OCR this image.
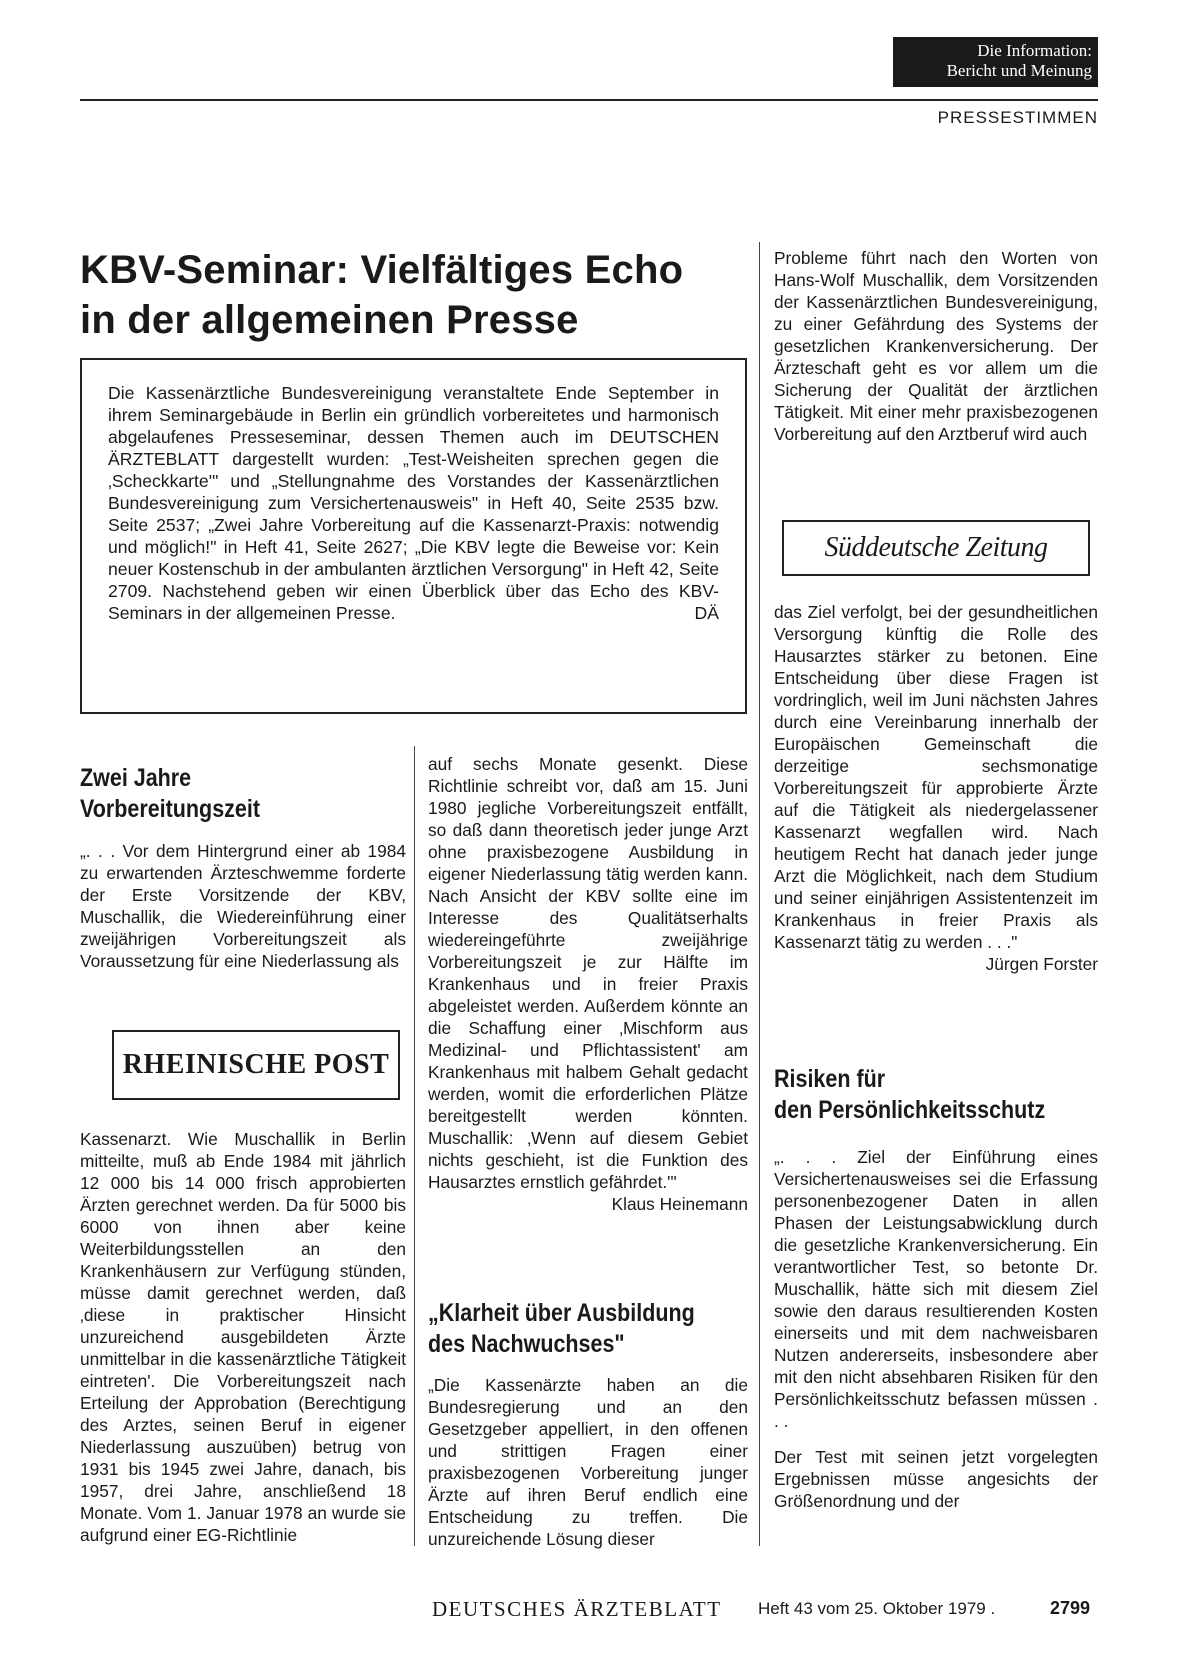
Die Information:
Bericht und Meinung
PRESSESTIMMEN
KBV-Seminar: Vielfältiges Echo
in der allgemeinen Presse

Die Kassenärztliche Bundesvereinigung veranstaltete Ende September in ihrem Seminargebäude in Berlin ein gründlich vorbereitetes und harmonisch abgelaufenes Presseseminar, dessen Themen auch im DEUTSCHEN ÄRZTEBLATT dargestellt wurden: „Test-Weisheiten sprechen gegen die ‚Scheckkarte'" und „Stellungnahme des Vorstandes der Kassenärztlichen Bundesvereinigung zum Versichertenausweis" in Heft 40, Seite 2535 bzw. Seite 2537; „Zwei Jahre Vorbereitung auf die Kassenarzt-Praxis: notwendig und möglich!" in Heft 41, Seite 2627; „Die KBV legte die Beweise vor: Kein neuer Kostenschub in der ambulanten ärztlichen Versorgung" in Heft 42, Seite 2709. Nachstehend geben wir einen Überblick über das Echo des KBV-Seminars in der allgemeinen Presse.	DÄ

Zwei Jahre
Vorbereitungszeit

„. . . Vor dem Hintergrund einer ab 1984 zu erwartenden Ärzteschwemme forderte der Erste Vorsitzende der KBV, Muschallik, die Wiedereinführung einer zweijährigen Vorbereitungszeit als Voraussetzung für eine Niederlassung als

RHEINISCHE POST

Kassenarzt. Wie Muschallik in Berlin mitteilte, muß ab Ende 1984 mit jährlich 12 000 bis 14 000 frisch approbierten Ärzten gerechnet werden. Da für 5000 bis 6000 von ihnen aber keine Weiterbildungsstellen an den Krankenhäusern zur Verfügung stünden, müsse damit gerechnet werden, daß ‚diese in praktischer Hinsicht unzureichend ausgebildeten Ärzte unmittelbar in die kassenärztliche Tätigkeit eintreten'. Die Vorbereitungszeit nach Erteilung der Approbation (Berechtigung des Arztes, seinen Beruf in eigener Niederlassung auszuüben) betrug von 1931 bis 1945 zwei Jahre, danach, bis 1957, drei Jahre, anschließend 18 Monate. Vom 1. Januar 1978 an wurde sie aufgrund einer EG-Richtlinie

auf sechs Monate gesenkt. Diese Richtlinie schreibt vor, daß am 15. Juni 1980 jegliche Vorbereitungszeit entfällt, so daß dann theoretisch jeder junge Arzt ohne praxisbezogene Ausbildung in eigener Niederlassung tätig werden kann. Nach Ansicht der KBV sollte eine im Interesse des Qualitätserhalts wiedereingeführte zweijährige Vorbereitungszeit je zur Hälfte im Krankenhaus und in freier Praxis abgeleistet werden. Außerdem könnte an die Schaffung einer ‚Mischform aus Medizinal- und Pflichtassistent' am Krankenhaus mit halbem Gehalt gedacht werden, womit die erforderlichen Plätze bereitgestellt werden könnten. Muschallik: ‚Wenn auf diesem Gebiet nichts geschieht, ist die Funktion des Hausarztes ernstlich gefährdet.'"
Klaus Heinemann

„Klarheit über Ausbildung
des Nachwuchses"

„Die Kassenärzte haben an die Bundesregierung und an den Gesetzgeber appelliert, in den offenen und strittigen Fragen einer praxisbezogenen Vorbereitung junger Ärzte auf ihren Beruf endlich eine Entscheidung zu treffen. Die unzureichende Lösung dieser

Probleme führt nach den Worten von Hans-Wolf Muschallik, dem Vorsitzenden der Kassenärztlichen Bundesvereinigung, zu einer Gefährdung des Systems der gesetzlichen Krankenversicherung. Der Ärzteschaft geht es vor allem um die Sicherung der Qualität der ärztlichen Tätigkeit. Mit einer mehr praxisbezogenen Vorbereitung auf den Arztberuf wird auch

Süddeutsche Zeitung

das Ziel verfolgt, bei der gesundheitlichen Versorgung künftig die Rolle des Hausarztes stärker zu betonen. Eine Entscheidung über diese Fragen ist vordringlich, weil im Juni nächsten Jahres durch eine Vereinbarung innerhalb der Europäischen Gemeinschaft die derzeitige sechsmonatige Vorbereitungszeit für approbierte Ärzte auf die Tätigkeit als niedergelassener Kassenarzt wegfallen wird. Nach heutigem Recht hat danach jeder junge Arzt die Möglichkeit, nach dem Studium und seiner einjährigen Assistentenzeit im Krankenhaus in freier Praxis als Kassenarzt tätig zu werden . . ."

Jürgen Forster
Risiken für
den Persönlichkeitsschutz

„. . . Ziel der Einführung eines Versichertenausweises sei die Erfassung personenbezogener Daten in allen Phasen der Leistungsabwicklung durch die gesetzliche Krankenversicherung. Ein verantwortlicher Test, so betonte Dr. Muschallik, hätte sich mit diesem Ziel sowie den daraus resultierenden Kosten einerseits und mit dem nachweisbaren Nutzen andererseits, insbesondere aber mit den nicht absehbaren Risiken für den Persönlichkeitsschutz befassen müssen . . .

Der Test mit seinen jetzt vorgelegten Ergebnissen müsse angesichts der Größenordnung und der

DEUTSCHES ÄRZTEBLATT Heft 43 vom 25. Oktober 1979 .	2799
